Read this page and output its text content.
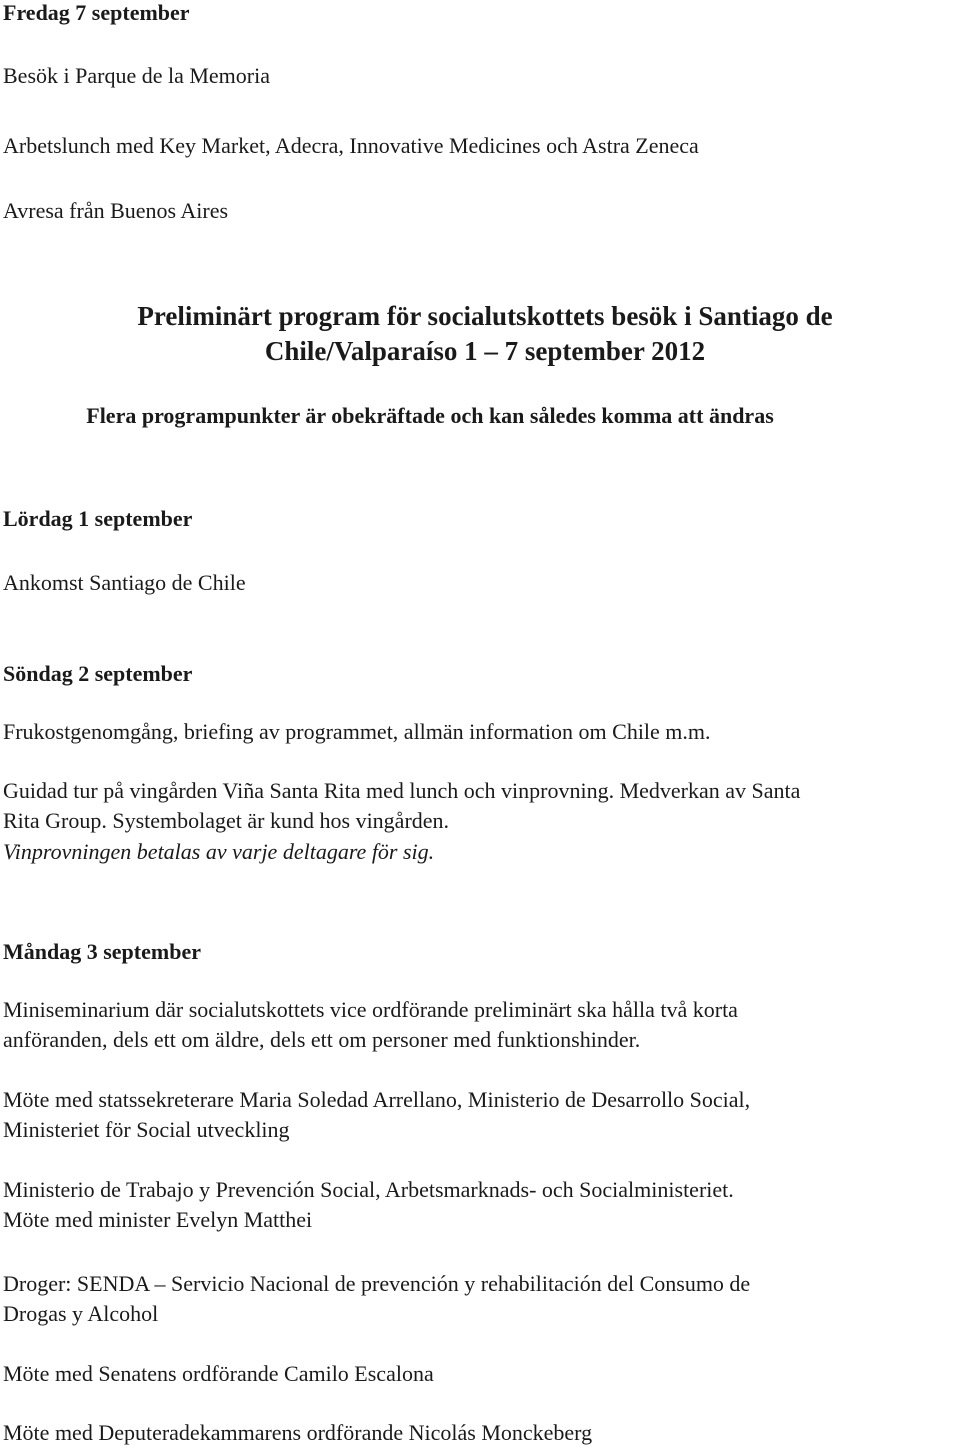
Fredag 7 september
Besök i Parque de la Memoria
Arbetslunch med Key Market, Adecra, Innovative Medicines och Astra Zeneca
Avresa från Buenos Aires
Preliminärt program för socialutskottets besök i Santiago de
Chile/Valparaíso 1 – 7 september 2012
Flera programpunkter är obekräftade och kan således komma att ändras
Lördag 1 september
Ankomst Santiago de Chile
Söndag 2 september
Frukostgenomgång, briefing av programmet, allmän information om Chile m.m.
Guidad tur på vingården Viña Santa Rita med lunch och vinprovning. Medverkan av Santa
Rita Group. Systembolaget är kund hos vingården.
Vinprovningen betalas av varje deltagare för sig.
Måndag 3 september
Miniseminarium där socialutskottets vice ordförande preliminärt ska hålla två korta
anföranden, dels ett om äldre, dels ett om personer med funktionshinder.
Möte med statssekreterare Maria Soledad Arrellano, Ministerio de Desarrollo Social,
Ministeriet för Social utveckling
Ministerio de Trabajo y Prevención Social, Arbetsmarknads- och Socialministeriet.
Möte med minister Evelyn Matthei
Droger: SENDA – Servicio Nacional de prevención y rehabilitación del Consumo de
Drogas y Alcohol
Möte med Senatens ordförande Camilo Escalona
Möte med Deputeradekammarens ordförande Nicolás Monckeberg
